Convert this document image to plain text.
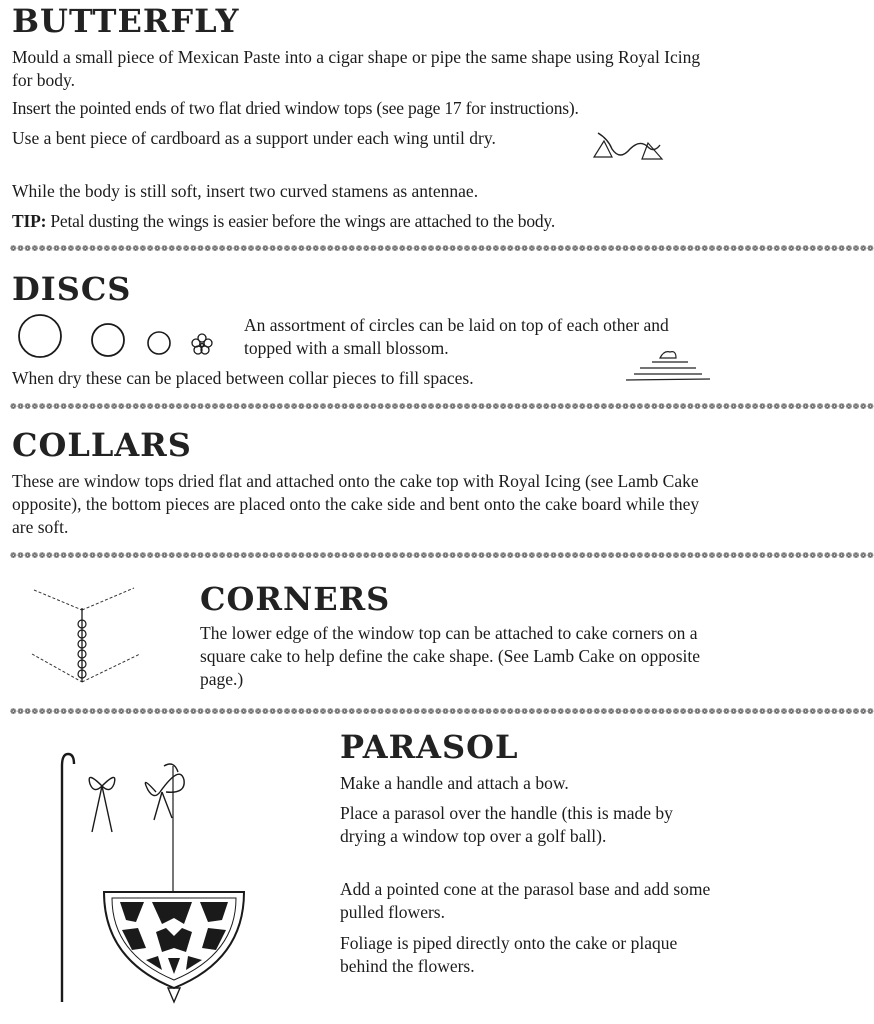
BUTTERFLY

Mould a small piece of Mexican Paste into a cigar shape or pipe the same shape using Royal Icing for body.

Insert the pointed ends of two flat dried window tops (see page 17 for instructions).

Use a bent piece of cardboard as a support under each wing until dry.

While the body is still soft, insert two curved stamens as antennae.

TIP: Petal dusting the wings is easier before the wings are attached to the body.

❁❁❁❁❁❁❁❁❁❁❁❁❁❁❁❁❁❁❁❁❁❁❁❁❁❁❁❁❁❁❁❁❁❁❁❁❁❁❁❁❁❁❁❁❁❁❁❁❁❁❁❁❁❁❁❁❁❁❁❁❁❁❁❁❁❁❁❁❁❁❁❁❁❁❁❁❁❁❁❁❁❁❁❁❁❁❁❁❁❁❁❁❁❁❁❁❁❁❁❁❁❁❁❁❁❁❁❁❁❁❁❁❁❁❁❁❁❁❁❁
DISCS

An assortment of circles can be laid on top of each other and topped with a small blossom.

When dry these can be placed between collar pieces to fill spaces.

❁❁❁❁❁❁❁❁❁❁❁❁❁❁❁❁❁❁❁❁❁❁❁❁❁❁❁❁❁❁❁❁❁❁❁❁❁❁❁❁❁❁❁❁❁❁❁❁❁❁❁❁❁❁❁❁❁❁❁❁❁❁❁❁❁❁❁❁❁❁❁❁❁❁❁❁❁❁❁❁❁❁❁❁❁❁❁❁❁❁❁❁❁❁❁❁❁❁❁❁❁❁❁❁❁❁❁❁❁❁❁❁❁❁❁❁❁❁❁❁
COLLARS

These are window tops dried flat and attached onto the cake top with Royal Icing (see Lamb Cake opposite), the bottom pieces are placed onto the cake side and bent onto the cake board while they are soft.

❁❁❁❁❁❁❁❁❁❁❁❁❁❁❁❁❁❁❁❁❁❁❁❁❁❁❁❁❁❁❁❁❁❁❁❁❁❁❁❁❁❁❁❁❁❁❁❁❁❁❁❁❁❁❁❁❁❁❁❁❁❁❁❁❁❁❁❁❁❁❁❁❁❁❁❁❁❁❁❁❁❁❁❁❁❁❁❁❁❁❁❁❁❁❁❁❁❁❁❁❁❁❁❁❁❁❁❁❁❁❁❁❁❁❁❁❁❁❁❁
CORNERS

The lower edge of the window top can be attached to cake corners on a square cake to help define the cake shape. (See Lamb Cake on opposite page.)

❁❁❁❁❁❁❁❁❁❁❁❁❁❁❁❁❁❁❁❁❁❁❁❁❁❁❁❁❁❁❁❁❁❁❁❁❁❁❁❁❁❁❁❁❁❁❁❁❁❁❁❁❁❁❁❁❁❁❁❁❁❁❁❁❁❁❁❁❁❁❁❁❁❁❁❁❁❁❁❁❁❁❁❁❁❁❁❁❁❁❁❁❁❁❁❁❁❁❁❁❁❁❁❁❁❁❁❁❁❁❁❁❁❁❁❁❁❁❁❁
PARASOL

Make a handle and attach a bow.

Place a parasol over the handle (this is made by drying a window top over a golf ball).

Add a pointed cone at the parasol base and add some pulled flowers.

Foliage is piped directly onto the cake or plaque behind the flowers.
